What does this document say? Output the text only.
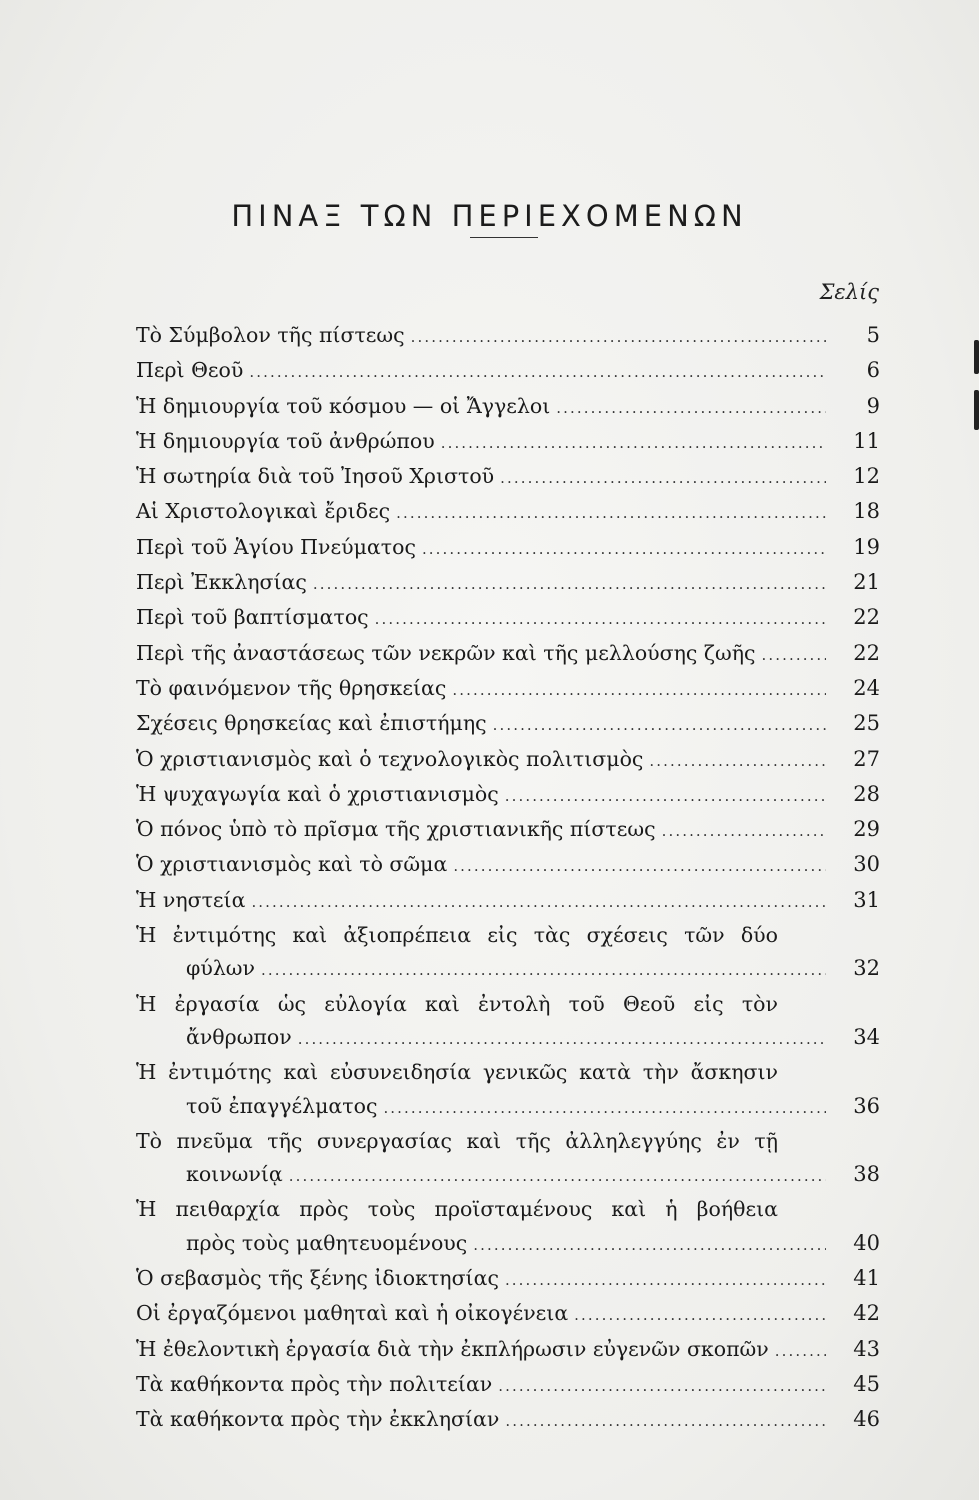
ΠΙΝΑΞ ΤΩΝ ΠΕΡΙΕΧΟΜΕΝΩΝ
Σελίς
Τὸ Σύμβολον τῆς πίστεως .....	5
Περὶ Θεοῦ .....	6
Ἡ δημιουργία τοῦ κόσμου — οἱ Ἄγγελοι .....	9
Ἡ δημιουργία τοῦ ἀνθρώπου .....	11
Ἡ σωτηρία διὰ τοῦ Ἰησοῦ Χριστοῦ .....	12
Αἱ Χριστολογικαὶ ἔριδες .....	18
Περὶ τοῦ Ἁγίου Πνεύματος .....	19
Περὶ Ἐκκλησίας .....	21
Περὶ τοῦ βαπτίσματος .....	22
Περὶ τῆς ἀναστάσεως τῶν νεκρῶν καὶ τῆς μελλούσης ζωῆς .....	22
Τὸ φαινόμενον τῆς θρησκείας .....	24
Σχέσεις θρησκείας καὶ ἐπιστήμης .....	25
Ὁ χριστιανισμὸς καὶ ὁ τεχνολογικὸς πολιτισμὸς .....	27
Ἡ ψυχαγωγία καὶ ὁ χριστιανισμὸς .....	28
Ὁ πόνος ὑπὸ τὸ πρῖσμα τῆς χριστιανικῆς πίστεως .....	29
Ὁ χριστιανισμὸς καὶ τὸ σῶμα .....	30
Ἡ νηστεία .....	31
Ἡ ἐντιμότης καὶ ἀξιοπρέπεια εἰς τὰς σχέσεις τῶν δύο
φύλων .....	32
Ἡ ἐργασία ὡς εὐλογία καὶ ἐντολὴ τοῦ Θεοῦ εἰς τὸν
ἄνθρωπον .....	34
Ἡ ἐντιμότης καὶ εὐσυνειδησία γενικῶς κατὰ τὴν ἄσκησιν
τοῦ ἐπαγγέλματος .....	36
Τὸ πνεῦμα τῆς συνεργασίας καὶ τῆς ἀλληλεγγύης ἐν τῇ
κοινωνίᾳ .....	38
Ἡ πειθαρχία πρὸς τοὺς προϊσταμένους καὶ ἡ βοήθεια
πρὸς τοὺς μαθητευομένους .....	40
Ὁ σεβασμὸς τῆς ξένης ἰδιοκτησίας .....	41
Οἱ ἐργαζόμενοι μαθηταὶ καὶ ἡ οἰκογένεια .....	42
Ἡ ἐθελοντικὴ ἐργασία διὰ τὴν ἐκπλήρωσιν εὐγενῶν σκοπῶν .....	43
Τὰ καθήκοντα πρὸς τὴν πολιτείαν .....	45
Τὰ καθήκοντα πρὸς τὴν ἐκκλησίαν .....	46
